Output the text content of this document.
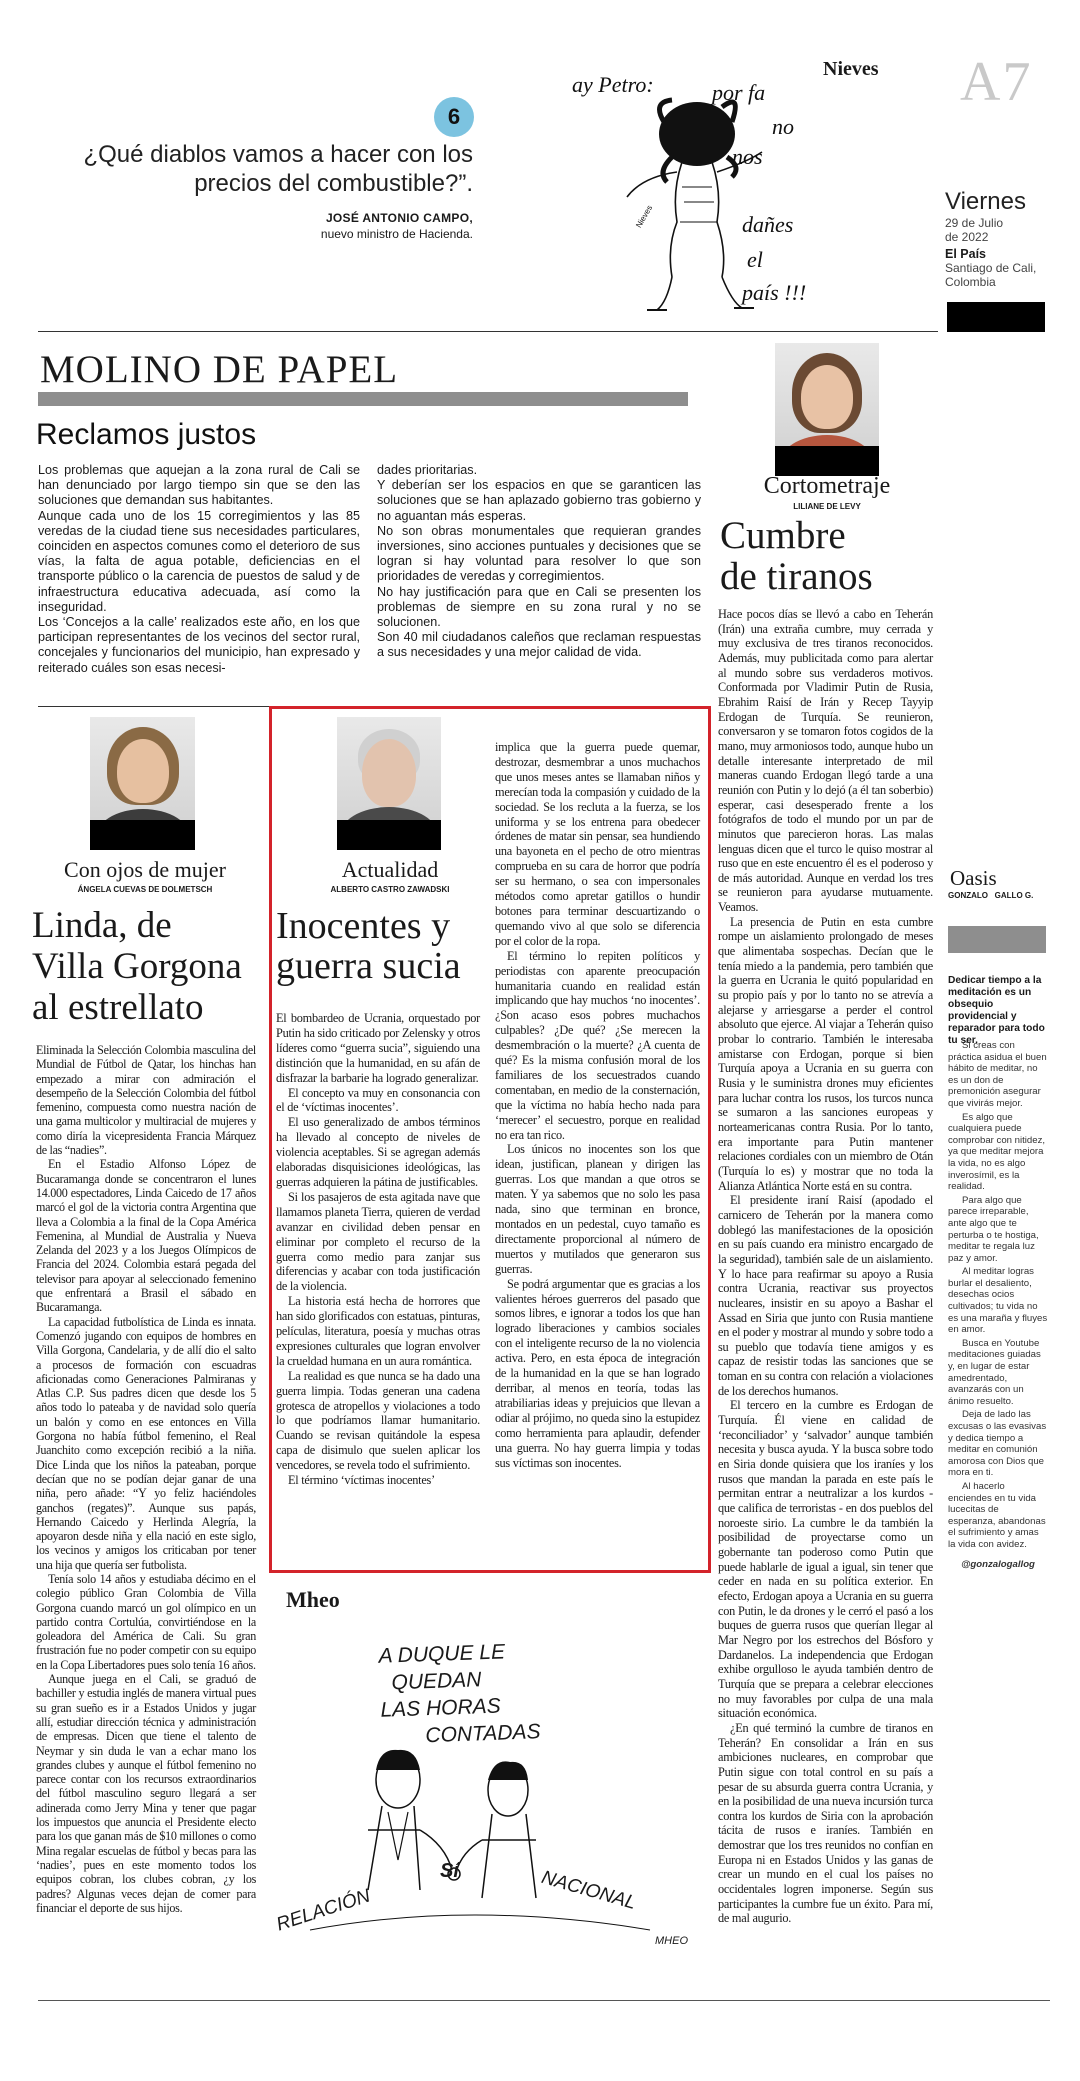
6
¿Qué diablos vamos a hacer con los
precios del combustible?”.
JOSÉ ANTONIO CAMPO,
nuevo ministro de Hacienda.
Nieves
ay Petro:	por fa
no
nos
dañes
el
país !!!
Nieves
A7
Viernes
29 de Julio
de 2022
El País
Santiago de Cali,
Colombia
MOLINO DE PAPEL
Reclamos justos

Los problemas que aquejan a la zona rural de Cali se han denunciado por largo tiempo sin que se den las soluciones que demandan sus habitantes.

Aunque cada uno de los 15 corregimientos y las 85 veredas de la ciudad tiene sus necesidades particulares, coinciden en aspectos comunes como el deterioro de sus vías, la falta de agua potable, deficiencias en el transporte público o la carencia de puestos de salud y de infraestructura educativa adecuada, así como la inseguridad.

Los ‘Concejos a la calle’ realizados este año, en los que participan representantes de los vecinos del sector rural, concejales y funcionarios del municipio, han expresado y reiterado cuáles son esas necesi-

dades prioritarias.

Y deberían ser los espacios en que se garanticen las soluciones que se han aplazado gobierno tras gobierno y no aguantan más esperas.

No son obras monumentales que requieran grandes inversiones, sino acciones puntuales y decisiones que se logran si hay voluntad para resolver lo que son prioridades de veredas y corregimientos.

No hay justificación para que en Cali se presenten los problemas de siempre en su zona rural y no se solucionen.

Son 40 mil ciudadanos caleños que reclaman respuestas a sus necesidades y una mejor calidad de vida.

Cortometraje
LILIANE DE LEVY
Cumbre
de tiranos

Hace pocos días se llevó a cabo en Teherán (Irán) una extraña cumbre, muy cerrada y muy exclusiva de tres tiranos reconocidos. Además, muy publicitada como para alertar al mundo sobre sus verdaderos motivos. Conformada por Vladimir Putin de Rusia, Ebrahim Raisí de Irán y Recep Tayyip Erdogan de Turquía. Se reunieron, conversaron y se tomaron fotos cogidos de la mano, muy armoniosos todo, aunque hubo un detalle interesante interpretado de mil maneras cuando Erdogan llegó tarde a una reunión con Putin y lo dejó (a él tan soberbio) esperar, casi desesperado frente a los fotógrafos de todo el mundo por un par de minutos que parecieron horas. Las malas lenguas dicen que el turco le quiso mostrar al ruso que en este encuentro él es el poderoso y de más autoridad. Aunque en verdad los tres se reunieron para ayudarse mutuamente. Veamos.

La presencia de Putin en esta cumbre rompe un aislamiento prolongado de meses que alimentaba sospechas. Decían que le tenía miedo a la pandemia, pero también que la guerra en Ucrania le quitó popularidad en su propio país y por lo tanto no se atrevía a alejarse y arriesgarse a perder el control absoluto que ejerce. Al viajar a Teherán quiso probar lo contrario. También le interesaba amistarse con Erdogan, porque si bien Turquía apoya a Ucrania en su guerra con Rusia y le suministra drones muy eficientes para luchar contra los rusos, los turcos nunca se sumaron a las sanciones europeas y norteamericanas contra Rusia. Por lo tanto, era importante para Putin mantener relaciones cordiales con un miembro de Otán (Turquía lo es) y mostrar que no toda la Alianza Atlántica Norte está en su contra.

El presidente iraní Raisí (apodado el carnicero de Teherán por la manera como doblegó las manifestaciones de la oposición en su país cuando era ministro encargado de la seguridad), también sale de un aislamiento. Y lo hace para reafirmar su apoyo a Rusia contra Ucrania, reactivar sus proyectos nucleares, insistir en su apoyo a Bashar el Assad en Siria que junto con Rusia mantiene en el poder y mostrar al mundo y sobre todo a su pueblo que todavía tiene amigos y es capaz de resistir todas las sanciones que se toman en su contra con relación a violaciones de los derechos humanos.

El tercero en la cumbre es Erdogan de Turquía. Él viene en calidad de ‘reconciliador’ y ‘salvador’ aunque también necesita y busca ayuda. Y la busca sobre todo en Siria donde quisiera que los iraníes y los rusos que mandan la parada en este país le permitan entrar a neutralizar a los kurdos - que califica de terroristas - en dos pueblos del noroeste sirio. La cumbre le da también la posibilidad de proyectarse como un gobernante tan poderoso como Putin que puede hablarle de igual a igual, sin tener que ceder en nada en su política exterior. En efecto, Erdogan apoya a Ucrania en su guerra con Putin, le da drones y le cerró el pasó a los buques de guerra rusos que querían llegar al Mar Negro por los estrechos del Bósforo y Dardanelos. La independencia que Erdogan exhibe orgulloso le ayuda también dentro de Turquía que se prepara a celebrar elecciones no muy favorables por culpa de una mala situación económica.

¿En qué terminó la cumbre de tiranos en Teherán? En consolidar a Irán en sus ambiciones nucleares, en comprobar que Putin sigue con total control en su país a pesar de su absurda guerra contra Ucrania, y en la posibilidad de una nueva incursión turca contra los kurdos de Siria con la aprobación tácita de rusos e iraníes. También en demostrar que los tres reunidos no confían en Europa ni en Estados Unidos y las ganas de crear un mundo en el cual los países no occidentales logren imponerse. Según sus participantes la cumbre fue un éxito. Para mí, de mal augurio.

Con ojos de mujer
ÁNGELA CUEVAS DE DOLMETSCH
Linda, de
Villa Gorgona
al estrellato

Eliminada la Selección Colombia masculina del Mundial de Fútbol de Qatar, los hinchas han empezado a mirar con admiración el desempeño de la Selección Colombia del fútbol femenino, compuesta como nuestra nación de una gama multicolor y multiracial de mujeres y como diría la vicepresidenta Francia Márquez de las “nadies”.

En el Estadio Alfonso López de Bucaramanga donde se concentraron el lunes 14.000 espectadores, Linda Caicedo de 17 años marcó el gol de la victoria contra Argentina que lleva a Colombia a la final de la Copa América Femenina, al Mundial de Australia y Nueva Zelanda del 2023 y a los Juegos Olímpicos de Francia del 2024. Colombia estará pegada del televisor para apoyar al seleccionado femenino que enfrentará a Brasil el sábado en Bucaramanga.

La capacidad futbolística de Linda es innata. Comenzó jugando con equipos de hombres en Villa Gorgona, Candelaria, y de allí dio el salto a procesos de formación con escuadras aficionadas como Generaciones Palmiranas y Atlas C.P. Sus padres dicen que desde los 5 años todo lo pateaba y de navidad solo quería un balón y como en ese entonces en Villa Gorgona no había fútbol femenino, el Real Juanchito como excepción recibió a la niña. Dice Linda que los niños la pateaban, porque decían que no se podían dejar ganar de una niña, pero añade: “Y yo feliz haciéndoles ganchos (regates)”. Aunque sus papás, Hernando Caicedo y Herlinda Alegría, la apoyaron desde niña y ella nació en este siglo, los vecinos y amigos los criticaban por tener una hija que quería ser futbolista.

Tenía solo 14 años y estudiaba décimo en el colegio público Gran Colombia de Villa Gorgona cuando marcó un gol olímpico en un partido contra Cortulúa, convirtiéndose en la goleadora del América de Cali. Su gran frustración fue no poder competir con su equipo en la Copa Libertadores pues solo tenía 16 años.

Aunque juega en el Cali, se graduó de bachiller y estudia inglés de manera virtual pues su gran sueño es ir a Estados Unidos y jugar allí, estudiar dirección técnica y administración de empresas. Dicen que tiene el talento de Neymar y sin duda le van a echar mano los grandes clubes y aunque el fútbol femenino no parece contar con los recursos extraordinarios del fútbol masculino seguro llegará a ser adinerada como Jerry Mina y tener que pagar los impuestos que anuncia el Presidente electo para los que ganan más de $10 millones o como Mina regalar escuelas de fútbol y becas para las ‘nadies’, pues en este momento todos los equipos cobran, los clubes cobran, ¿y los padres? Algunas veces dejan de comer para financiar el deporte de sus hijos.

Actualidad
ALBERTO CASTRO ZAWADSKI
Inocentes y
guerra sucia

El bombardeo de Ucrania, orquestado por Putin ha sido criticado por Zelensky y otros líderes como “guerra sucia”, siguiendo una distinción que la humanidad, en su afán de disfrazar la barbarie ha logrado generalizar.

El concepto va muy en consonancia con el de ‘víctimas inocentes’.

El uso generalizado de ambos términos ha llevado al concepto de niveles de violencia aceptables. Si se agregan además elaboradas disquisiciones ideológicas, las guerras adquieren la pátina de justificables.

Si los pasajeros de esta agitada nave que llamamos planeta Tierra, quieren de verdad avanzar en civilidad deben pensar en eliminar por completo el recurso de la guerra como medio para zanjar sus diferencias y acabar con toda justificación de la violencia.

La historia está hecha de horrores que han sido glorificados con estatuas, pinturas, películas, literatura, poesía y muchas otras expresiones culturales que logran envolver la crueldad humana en un aura romántica.

La realidad es que nunca se ha dado una guerra limpia. Todas generan una cadena grotesca de atropellos y violaciones a todo lo que podríamos llamar humanitario. Cuando se revisan quitándole la espesa capa de disimulo que suelen aplicar los vencedores, se revela todo el sufrimiento.

El término ‘víctimas inocentes’

implica que la guerra puede quemar, destrozar, desmembrar a unos muchachos que unos meses antes se llamaban niños y merecían toda la compasión y cuidado de la sociedad. Se los recluta a la fuerza, se los uniforma y se los entrena para obedecer órdenes de matar sin pensar, sea hundiendo una bayoneta en el pecho de otro mientras comprueba en su cara de horror que podría ser su hermano, o sea con impersonales métodos como apretar gatillos o hundir botones para terminar descuartizando o quemando vivo al que solo se diferencia por el color de la ropa.

El término lo repiten políticos y periodistas con aparente preocupación humanitaria cuando en realidad están implicando que hay muchos ‘no inocentes’. ¿Son acaso esos pobres muchachos culpables? ¿De qué? ¿Se merecen la desmembración o la muerte? ¿A cuenta de qué? Es la misma confusión moral de los familiares de los secuestrados cuando comentaban, en medio de la consternación, que la víctima no había hecho nada para ‘merecer’ el secuestro, porque en realidad no era tan rico.

Los únicos no inocentes son los que idean, justifican, planean y dirigen las guerras. Los que mandan a que otros se maten. Y ya sabemos que no solo les pasa nada, sino que terminan en bronce, montados en un pedestal, cuyo tamaño es directamente proporcional al número de muertos y mutilados que generaron sus guerras.

Se podrá argumentar que es gracias a los valientes héroes guerreros del pasado que somos libres, e ignorar a todos los que han logrado liberaciones y cambios sociales con el inteligente recurso de la no violencia activa. Pero, en esta época de integración de la humanidad en la que se han logrado derribar, al menos en teoría, todas las atrabiliarias ideas y prejuicios que llevan a odiar al prójimo, no queda sino la estupidez como herramienta para aplaudir, defender una guerra. No hay guerra limpia y todas sus víctimas son inocentes.

Mheo
A DUQUE LE
QUEDAN
LAS HORAS
CONTADAS
RELACIÓN
Sí	NACIONAL
MHEO
Oasis
GONZALO   GALLO G.
Dedicar tiempo a la meditación es un obsequio providencial y reparador para todo tu ser.

Si creas con práctica asidua el buen hábito de meditar, no es un don de premonición asegurar que vivirás mejor.

Es algo que cualquiera puede comprobar con nitidez, ya que meditar mejora la vida, no es algo inverosímil, es la realidad.

Para algo que parece irreparable, ante algo que te perturba o te hostiga, meditar te regala luz paz y amor.

Al meditar logras burlar el desaliento, desechas ocios cultivados; tu vida no es una maraña y fluyes en amor.

Busca en Youtube meditaciones guiadas y, en lugar de estar amedrentado, avanzarás con un ánimo resuelto.

Deja de lado las excusas o las evasivas y dedica tiempo a meditar en comunión amorosa con Dios que mora en ti.

Al hacerlo enciendes en tu vida lucecitas de esperanza, abandonas el sufrimiento y amas la vida con avidez.

@gonzalogallog
